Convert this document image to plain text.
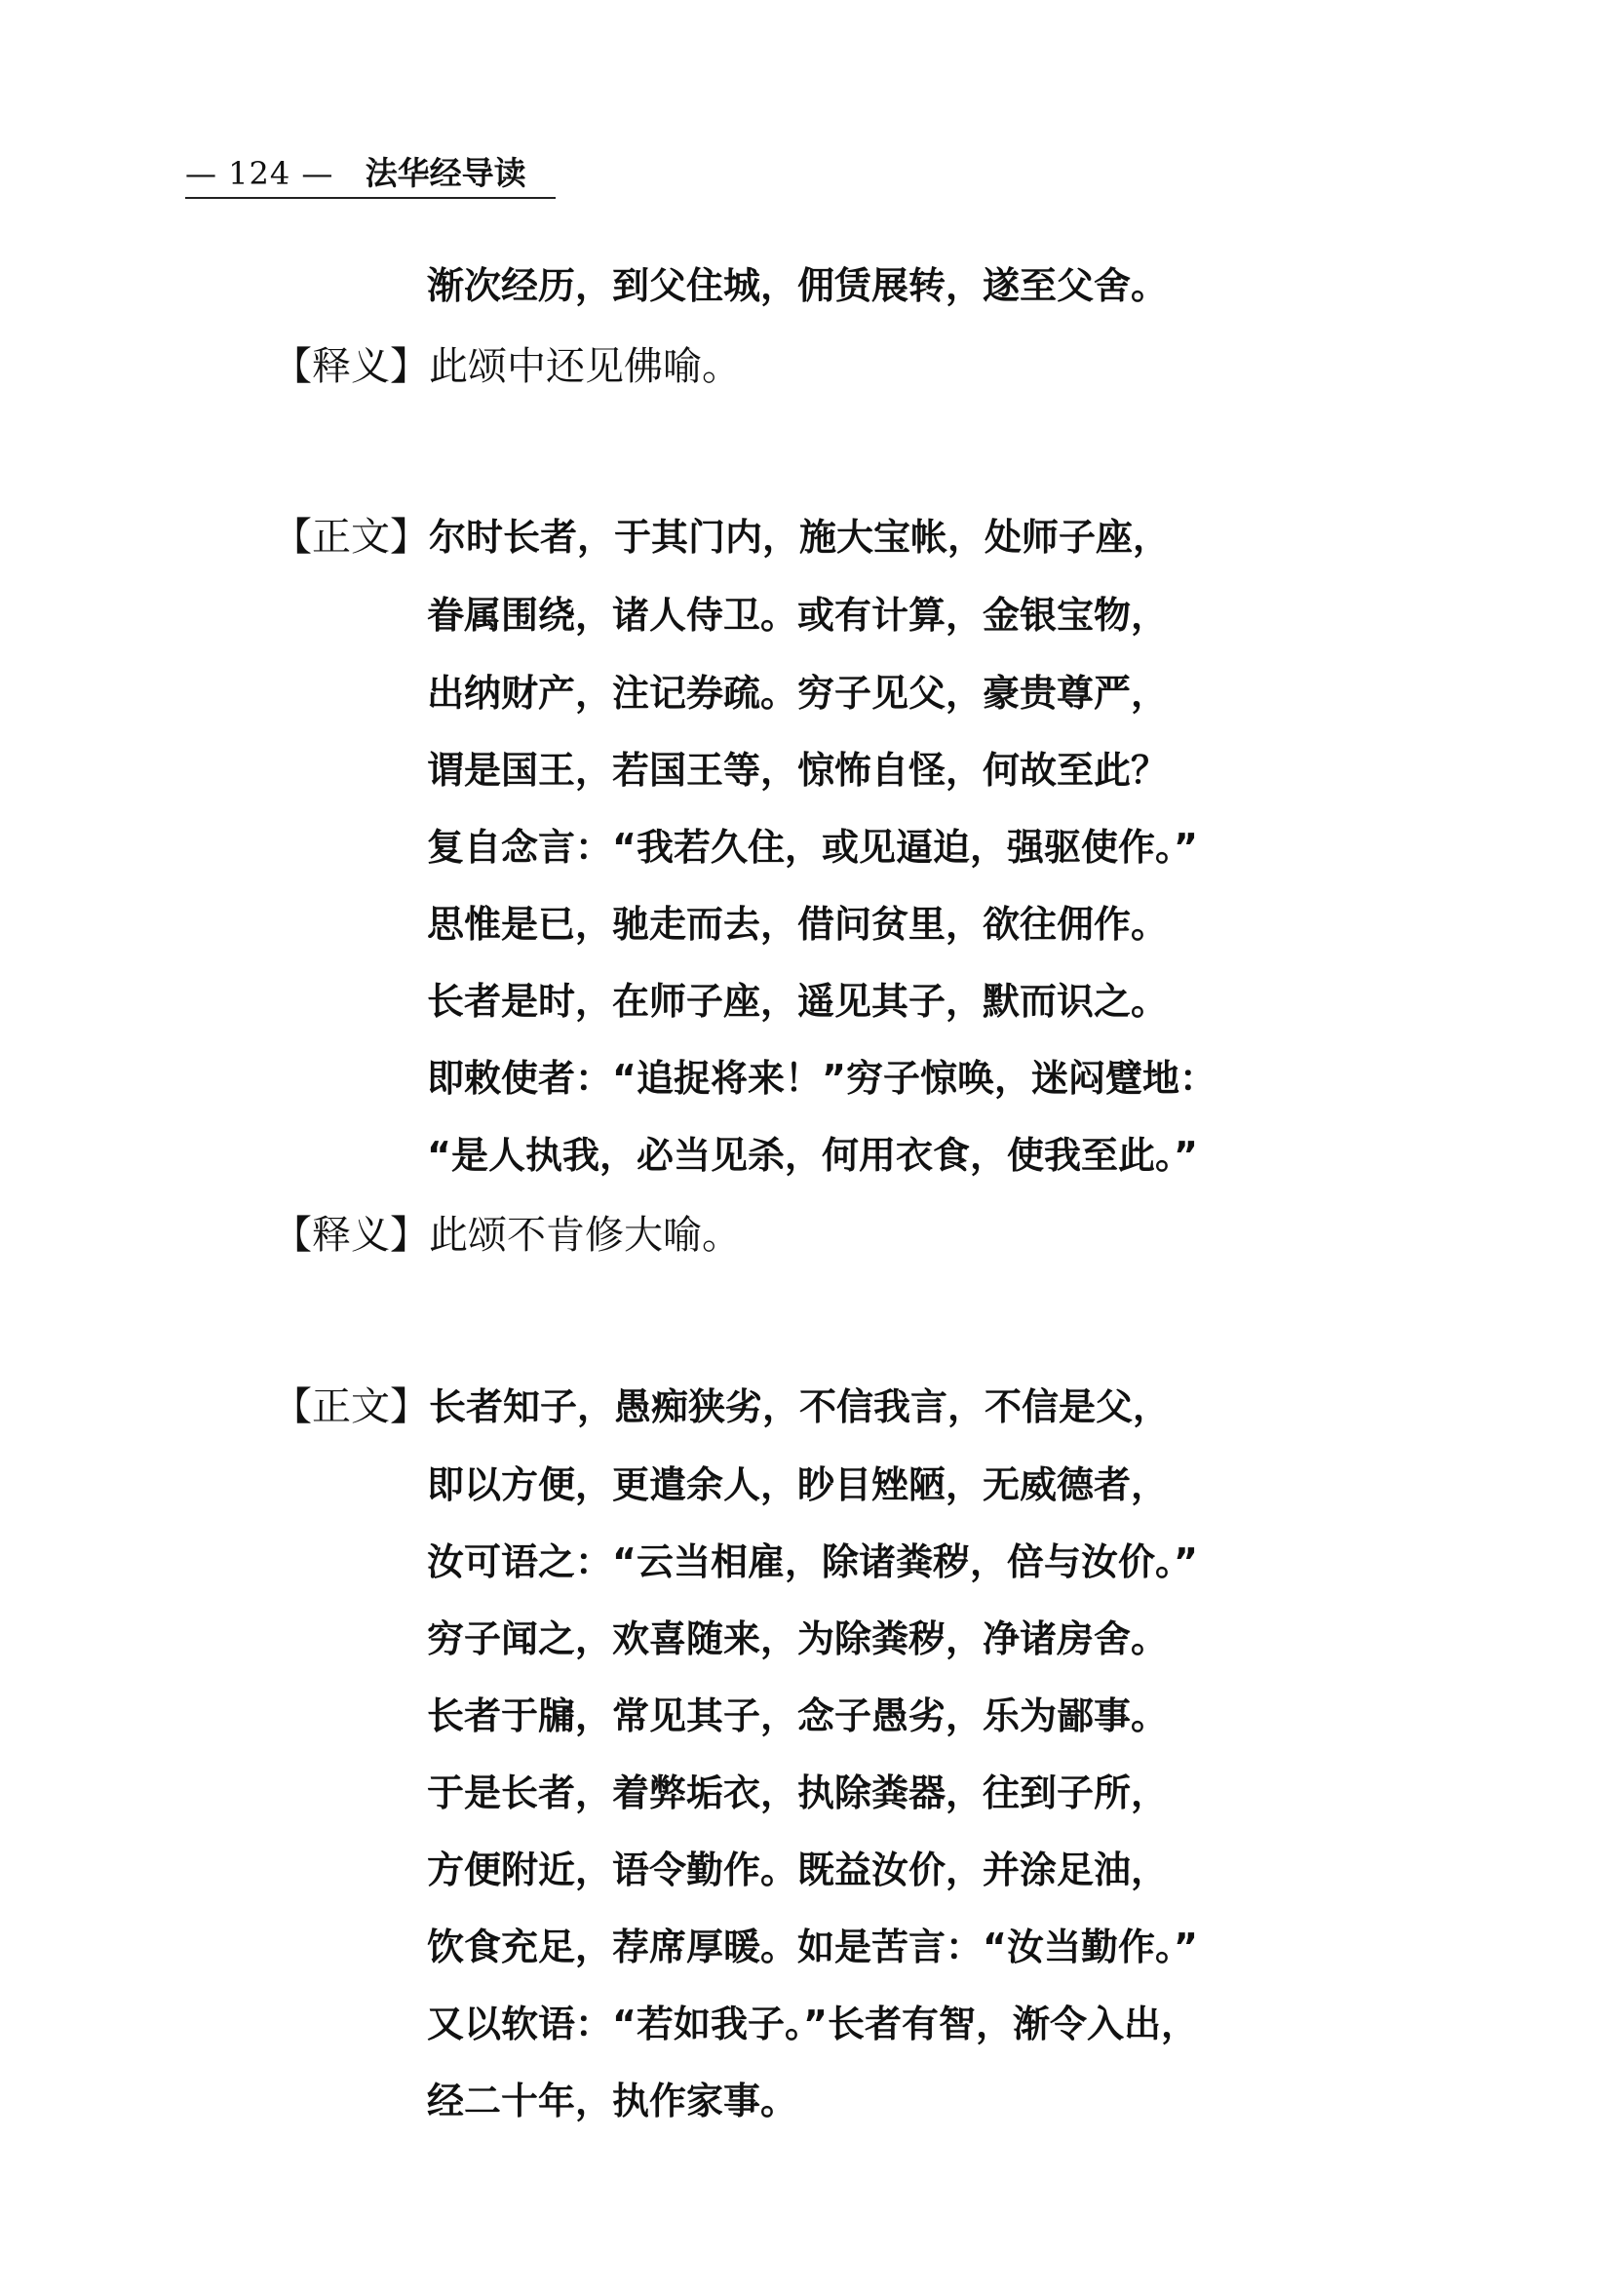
— 124 — 法华经导读
渐次经历，到父住城，佣赁展转，遂至父舍。
【释义】此颂中还见佛喻。
【正文】尔时长者，于其门内，施大宝帐，处师子座，
眷属围绕，诸人侍卫。或有计算，金银宝物，
出纳财产，注记券疏。穷子见父，豪贵尊严，
谓是国王，若国王等，惊怖自怪，何故至此？
复自念言：“我若久住，或见逼迫，强驱使作。”
思惟是已，驰走而去，借问贫里，欲往佣作。
长者是时，在师子座，遥见其子，默而识之。
即敕使者：“追捉将来！”穷子惊唤，迷闷躄地：
“是人执我，必当见杀，何用衣食，使我至此。”
【释义】此颂不肯修大喻。
【正文】长者知子，愚痴狭劣，不信我言，不信是父，
即以方便，更遣余人，眇目矬陋，无威德者，
汝可语之：“云当相雇，除诸粪秽，倍与汝价。”
穷子闻之，欢喜随来，为除粪秽，净诸房舍。
长者于牖，常见其子，念子愚劣，乐为鄙事。
于是长者，着弊垢衣，执除粪器，往到子所，
方便附近，语令勤作。既益汝价，并涂足油，
饮食充足，荐席厚暖。如是苦言：“汝当勤作。”
又以软语：“若如我子。”长者有智，渐令入出，
经二十年，执作家事。
